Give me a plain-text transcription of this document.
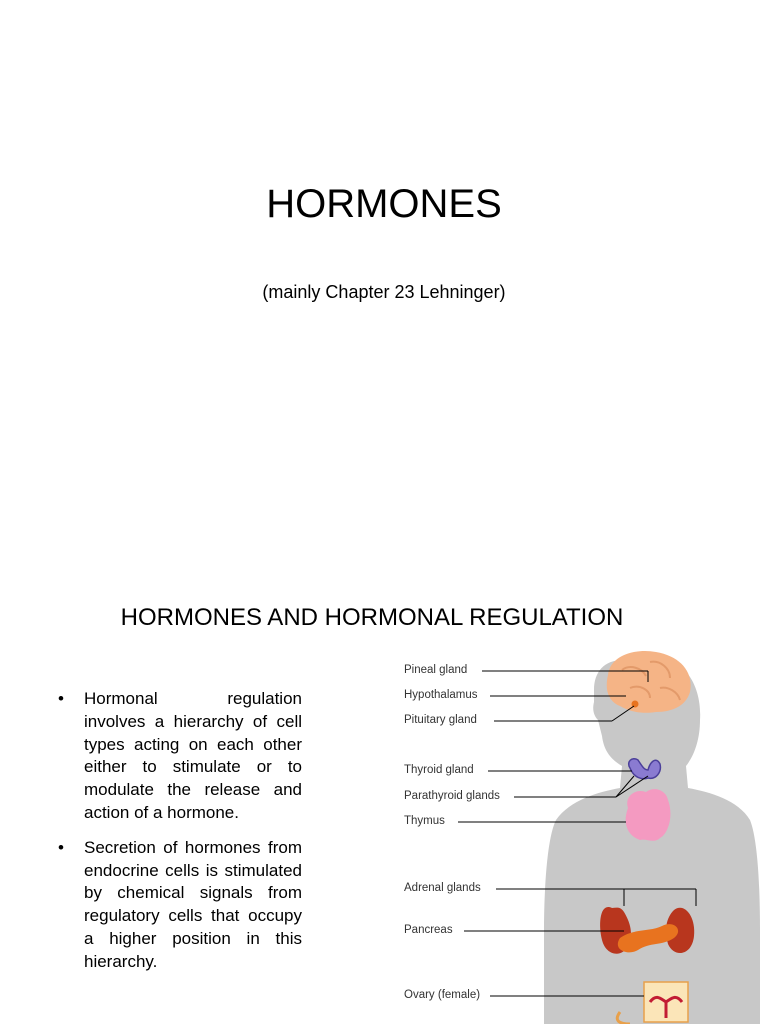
HORMONES
(mainly Chapter 23 Lehninger)
HORMONES AND HORMONAL REGULATION
• Hormonal regulation involves a hierarchy of cell types acting on each other either to stimulate or to modulate the release and action of a hormone.
• Secretion of hormones from endocrine cells is stimulated by chemical signals from regulatory cells that occupy a higher position in this hierarchy.
Pineal gland
Hypothalamus
Pituitary gland
Thyroid gland
Parathyroid glands
Thymus
Adrenal glands
Pancreas
Ovary (female)
